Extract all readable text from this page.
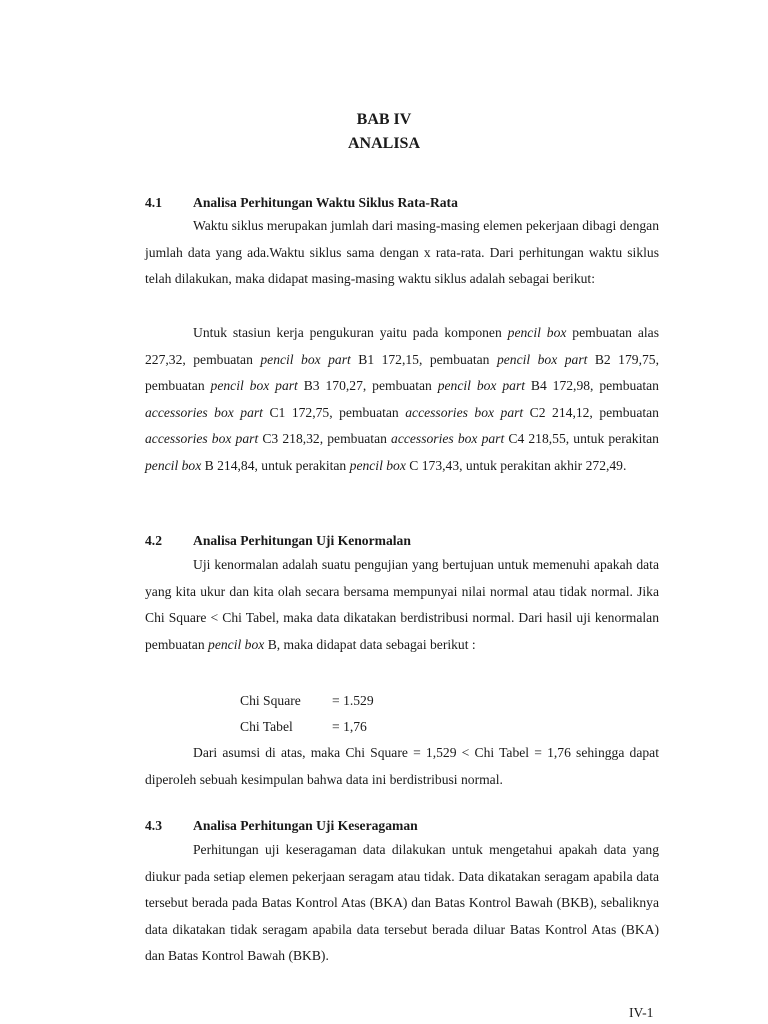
BAB IV
ANALISA
4.1 Analisa Perhitungan Waktu Siklus Rata-Rata

Waktu siklus merupakan jumlah dari masing-masing elemen pekerjaan dibagi dengan jumlah data yang ada.Waktu siklus sama dengan x rata-rata. Dari perhitungan waktu siklus telah dilakukan, maka didapat masing-masing waktu siklus adalah sebagai berikut:

Untuk stasiun kerja pengukuran yaitu pada komponen pencil box pembuatan alas 227,32, pembuatan pencil box part B1 172,15, pembuatan pencil box part B2 179,75, pembuatan pencil box part B3 170,27, pembuatan pencil box part B4 172,98, pembuatan accessories box part C1 172,75, pembuatan accessories box part C2 214,12, pembuatan accessories box part C3 218,32, pembuatan accessories box part C4 218,55, untuk perakitan pencil box B 214,84, untuk perakitan pencil box C 173,43, untuk perakitan akhir 272,49.

4.2 Analisa Perhitungan Uji Kenormalan

Uji kenormalan adalah suatu pengujian yang bertujuan untuk memenuhi apakah data yang kita ukur dan kita olah secara bersama mempunyai nilai normal atau tidak normal. Jika Chi Square < Chi Tabel, maka data dikatakan berdistribusi normal. Dari hasil uji kenormalan pembuatan pencil box B, maka didapat data sebagai berikut :

Chi Square = 1.529
Chi Tabel	= 1,76

Dari asumsi di atas, maka Chi Square = 1,529 < Chi Tabel = 1,76 sehingga dapat diperoleh sebuah kesimpulan bahwa data ini berdistribusi normal.

4.3 Analisa Perhitungan Uji Keseragaman

Perhitungan uji keseragaman data dilakukan untuk mengetahui apakah data yang diukur pada setiap elemen pekerjaan seragam atau tidak. Data dikatakan seragam apabila data tersebut berada pada Batas Kontrol Atas (BKA) dan Batas Kontrol Bawah (BKB), sebaliknya data dikatakan tidak seragam apabila data tersebut berada diluar Batas Kontrol Atas (BKA) dan Batas Kontrol Bawah (BKB).

IV-1
